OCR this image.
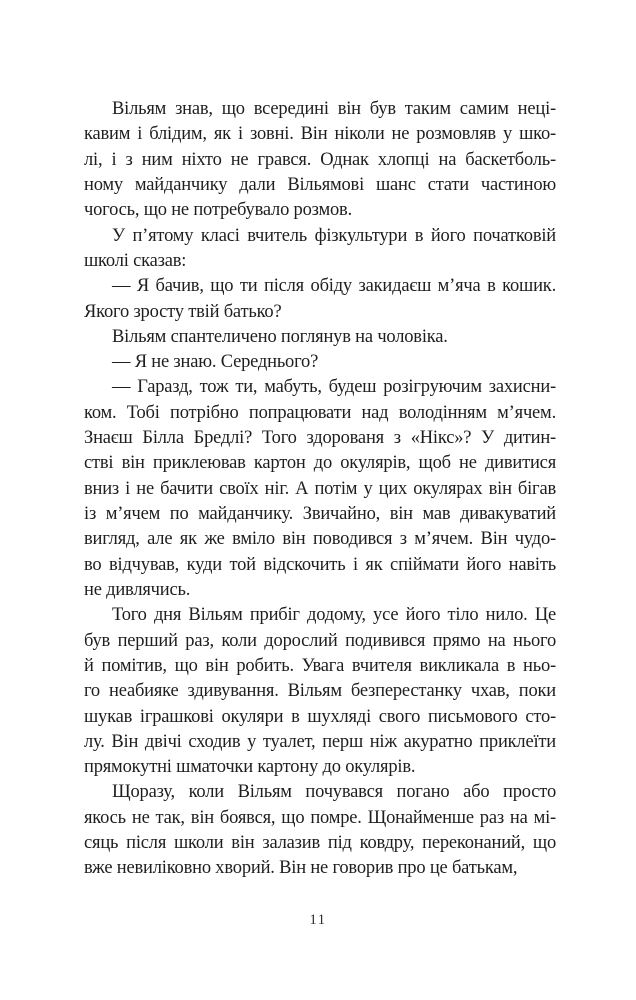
Вільям знав, що всередині він був таким самим неці-
кавим і блідим, як і зовні. Він ніколи не розмовляв у шко-
лі, і з ним ніхто не грався. Однак хлопці на баскетболь-
ному майданчику дали Вільямові шанс стати частиною
чогось, що не потребувало розмов.
У п’ятому класі вчитель фізкультури в його початковій
школі сказав:
— Я бачив, що ти після обіду закидаєш м’яча в кошик.
Якого зросту твій батько?
Вільям спантеличено поглянув на чоловіка.
— Я не знаю. Середнього?
— Гаразд, тож ти, мабуть, будеш розігруючим захисни-
ком. Тобі потрібно попрацювати над володінням м’ячем.
Знаєш Білла Бредлі? Того здорованя з «Нікс»? У дитин-
стві він приклеював картон до окулярів, щоб не дивитися
вниз і не бачити своїх ніг. А потім у цих окулярах він бігав
із м’ячем по майданчику. Звичайно, він мав дивакуватий
вигляд, але як же вміло він поводився з м’ячем. Він чудо-
во відчував, куди той відскочить і як спіймати його навіть
не дивлячись.
Того дня Вільям прибіг додому, усе його тіло нило. Це
був перший раз, коли дорослий подивився прямо на нього
й помітив, що він робить. Увага вчителя викликала в ньо-
го неабияке здивування. Вільям безперестанку чхав, поки
шукав іграшкові окуляри в шухляді свого письмового сто-
лу. Він двічі сходив у туалет, перш ніж акуратно приклеїти
прямокутні шматочки картону до окулярів.
Щоразу, коли Вільям почувався погано або просто
якось не так, він боявся, що помре. Щонайменше раз на мі-
сяць після школи він залазив під ковдру, переконаний, що
вже невиліковно хворий. Він не говорив про це батькам,
11
